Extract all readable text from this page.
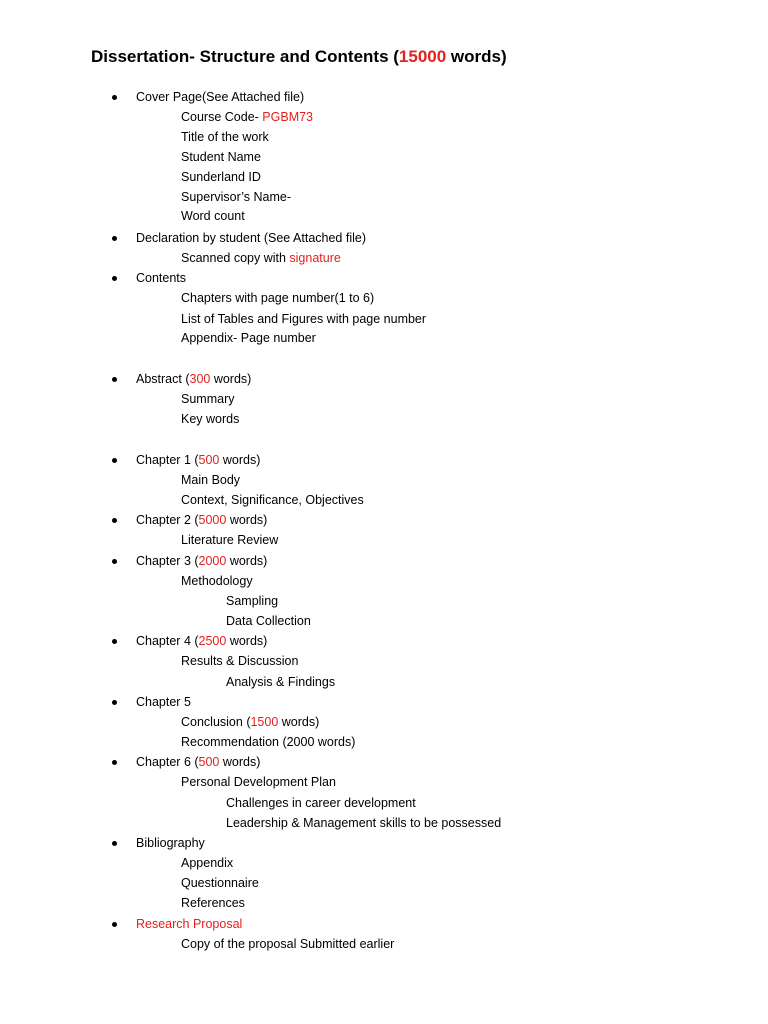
Dissertation- Structure and Contents (15000 words)
Cover Page(See Attached file)
Course Code- PGBM73
Title of the work
Student Name
Sunderland ID
Supervisor’s Name-
Word count
Declaration by student (See Attached file)
Scanned copy with signature
Contents
Chapters with page number(1 to 6)
List of Tables and Figures with page number
Appendix- Page number
Abstract (300 words)
Summary
Key words
Chapter 1 (500 words)
Main Body
Context, Significance, Objectives
Chapter 2 (5000 words)
Literature Review
Chapter 3 (2000 words)
Methodology
Sampling
Data Collection
Chapter 4 (2500 words)
Results & Discussion
Analysis & Findings
Chapter 5
Conclusion (1500 words)
Recommendation (2000 words)
Chapter 6 (500 words)
Personal Development Plan
Challenges in career development
Leadership & Management skills to be possessed
Bibliography
Appendix
Questionnaire
References
Research Proposal
Copy of the proposal Submitted earlier
